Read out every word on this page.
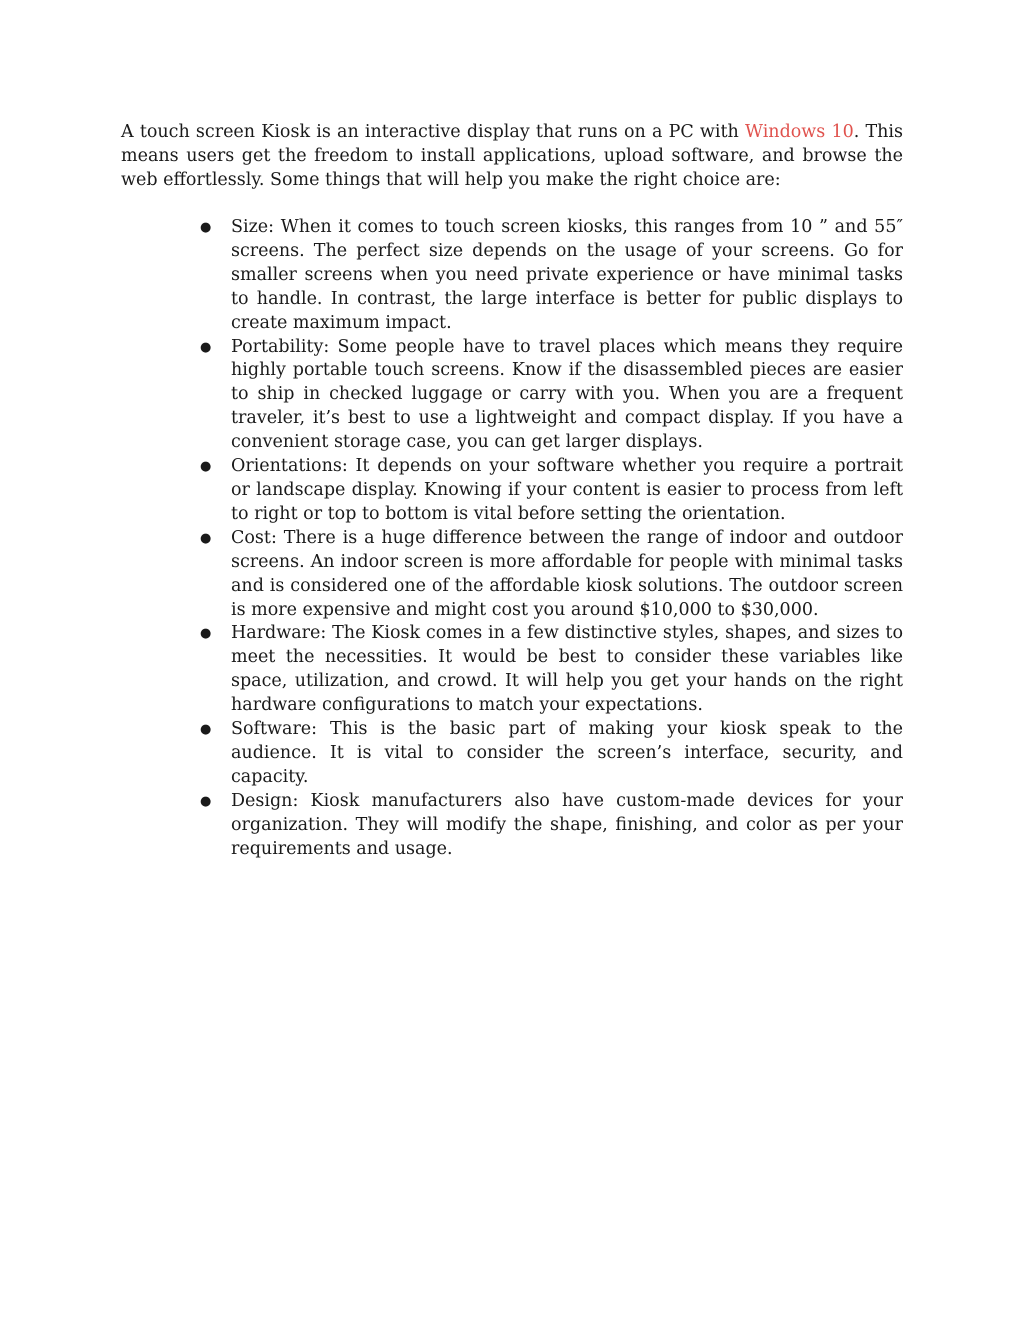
A touch screen Kiosk is an interactive display that runs on a PC with Windows 10. This means users get the freedom to install applications, upload software, and browse the web effortlessly. Some things that will help you make the right choice are:

● Size: When it comes to touch screen kiosks, this ranges from 10 ” and 55″ screens. The perfect size depends on the usage of your screens. Go for smaller screens when you need private experience or have minimal tasks to handle. In contrast, the large interface is better for public displays to create maximum impact.
● Portability: Some people have to travel places which means they require highly portable touch screens. Know if the disassembled pieces are easier to ship in checked luggage or carry with you. When you are a frequent traveler, it’s best to use a lightweight and compact display. If you have a convenient storage case, you can get larger displays.
● Orientations: It depends on your software whether you require a portrait or landscape display. Knowing if your content is easier to process from left to right or top to bottom is vital before setting the orientation.
● Cost: There is a huge difference between the range of indoor and outdoor screens. An indoor screen is more affordable for people with minimal tasks and is considered one of the affordable kiosk solutions. The outdoor screen is more expensive and might cost you around $10,000 to $30,000.
● Hardware: The Kiosk comes in a few distinctive styles, shapes, and sizes to meet the necessities. It would be best to consider these variables like space, utilization, and crowd. It will help you get your hands on the right hardware configurations to match your expectations.
● Software: This is the basic part of making your kiosk speak to the audience. It is vital to consider the screen’s interface, security, and capacity.
● Design: Kiosk manufacturers also have custom-made devices for your organization. They will modify the shape, finishing, and color as per your requirements and usage.
